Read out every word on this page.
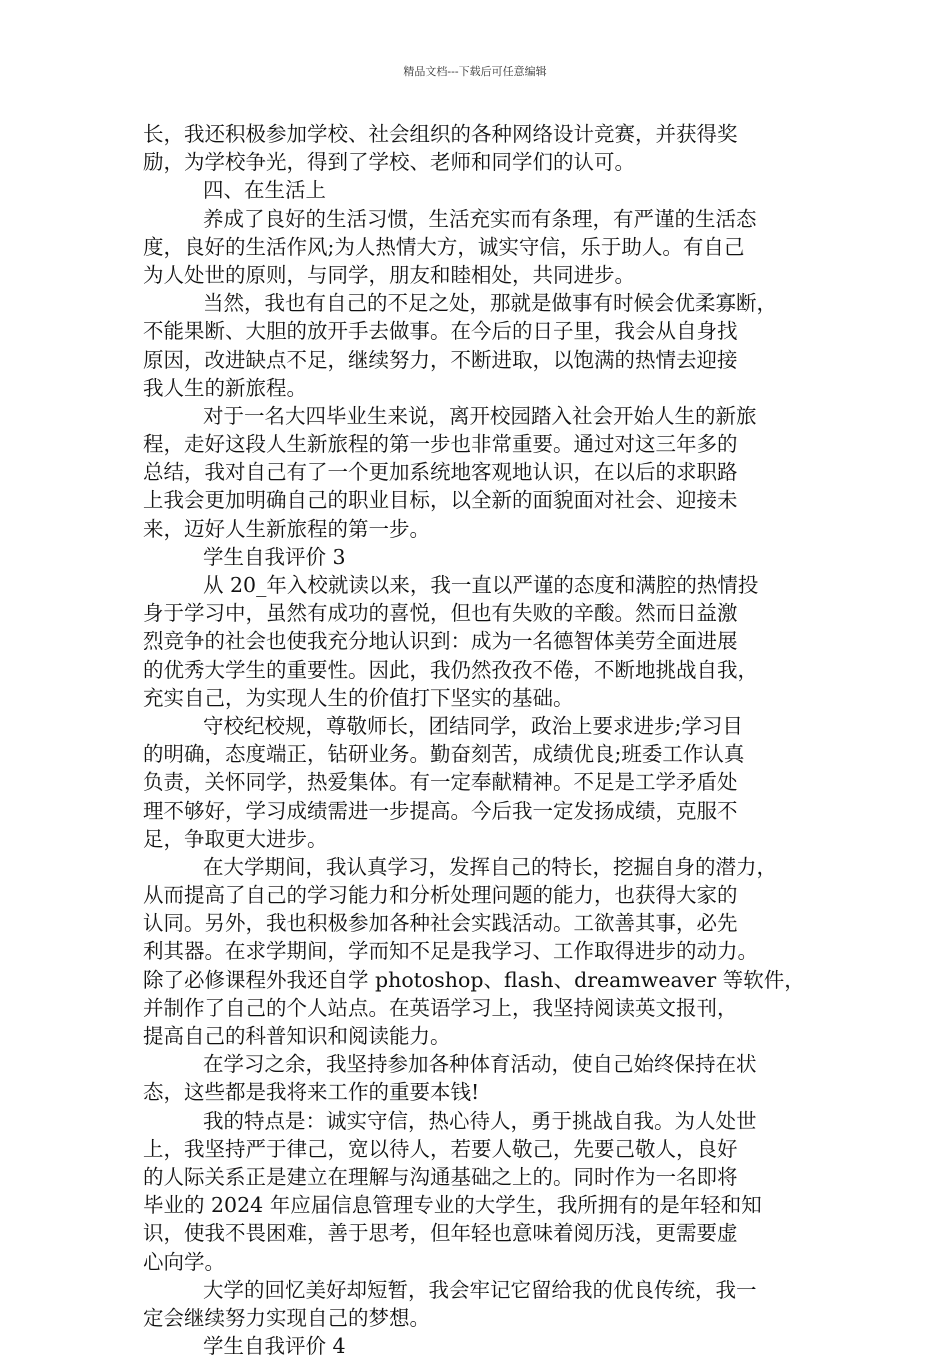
精品文档---下载后可任意编辑
长，我还积极参加学校、社会组织的各种网络设计竞赛，并获得奖
励，为学校争光，得到了学校、老师和同学们的认可。
四、在生活上
养成了良好的生活习惯，生活充实而有条理，有严谨的生活态
度，良好的生活作风;为人热情大方，诚实守信，乐于助人。有自己
为人处世的原则，与同学，朋友和睦相处，共同进步。
当然，我也有自己的不足之处，那就是做事有时候会优柔寡断，
不能果断、大胆的放开手去做事。在今后的日子里，我会从自身找
原因，改进缺点不足，继续努力，不断进取，以饱满的热情去迎接
我人生的新旅程。
对于一名大四毕业生来说，离开校园踏入社会开始人生的新旅
程，走好这段人生新旅程的第一步也非常重要。通过对这三年多的
总结，我对自己有了一个更加系统地客观地认识，在以后的求职路
上我会更加明确自己的职业目标，以全新的面貌面对社会、迎接未
来，迈好人生新旅程的第一步。
学生自我评价 3
从 20_年入校就读以来，我一直以严谨的态度和满腔的热情投
身于学习中，虽然有成功的喜悦，但也有失败的辛酸。然而日益激
烈竞争的社会也使我充分地认识到：成为一名德智体美劳全面进展
的优秀大学生的重要性。因此，我仍然孜孜不倦，不断地挑战自我，
充实自己，为实现人生的价值打下坚实的基础。
守校纪校规，尊敬师长，团结同学，政治上要求进步;学习目
的明确，态度端正，钻研业务。勤奋刻苦，成绩优良;班委工作认真
负责，关怀同学，热爱集体。有一定奉献精神。不足是工学矛盾处
理不够好，学习成绩需进一步提高。今后我一定发扬成绩，克服不
足，争取更大进步。
在大学期间，我认真学习，发挥自己的特长，挖掘自身的潜力，
从而提高了自己的学习能力和分析处理问题的能力，也获得大家的
认同。另外，我也积极参加各种社会实践活动。工欲善其事，必先
利其器。在求学期间，学而知不足是我学习、工作取得进步的动力。
除了必修课程外我还自学 photoshop、flash、dreamweaver 等软件，
并制作了自己的个人站点。在英语学习上，我坚持阅读英文报刊，
提高自己的科普知识和阅读能力。
在学习之余，我坚持参加各种体育活动，使自己始终保持在状
态，这些都是我将来工作的重要本钱!
我的特点是：诚实守信，热心待人，勇于挑战自我。为人处世
上，我坚持严于律己，宽以待人，若要人敬己，先要己敬人，良好
的人际关系正是建立在理解与沟通基础之上的。同时作为一名即将
毕业的 2024 年应届信息管理专业的大学生，我所拥有的是年轻和知
识，使我不畏困难，善于思考，但年轻也意味着阅历浅，更需要虚
心向学。
大学的回忆美好却短暂，我会牢记它留给我的优良传统，我一
定会继续努力实现自己的梦想。
学生自我评价 4
